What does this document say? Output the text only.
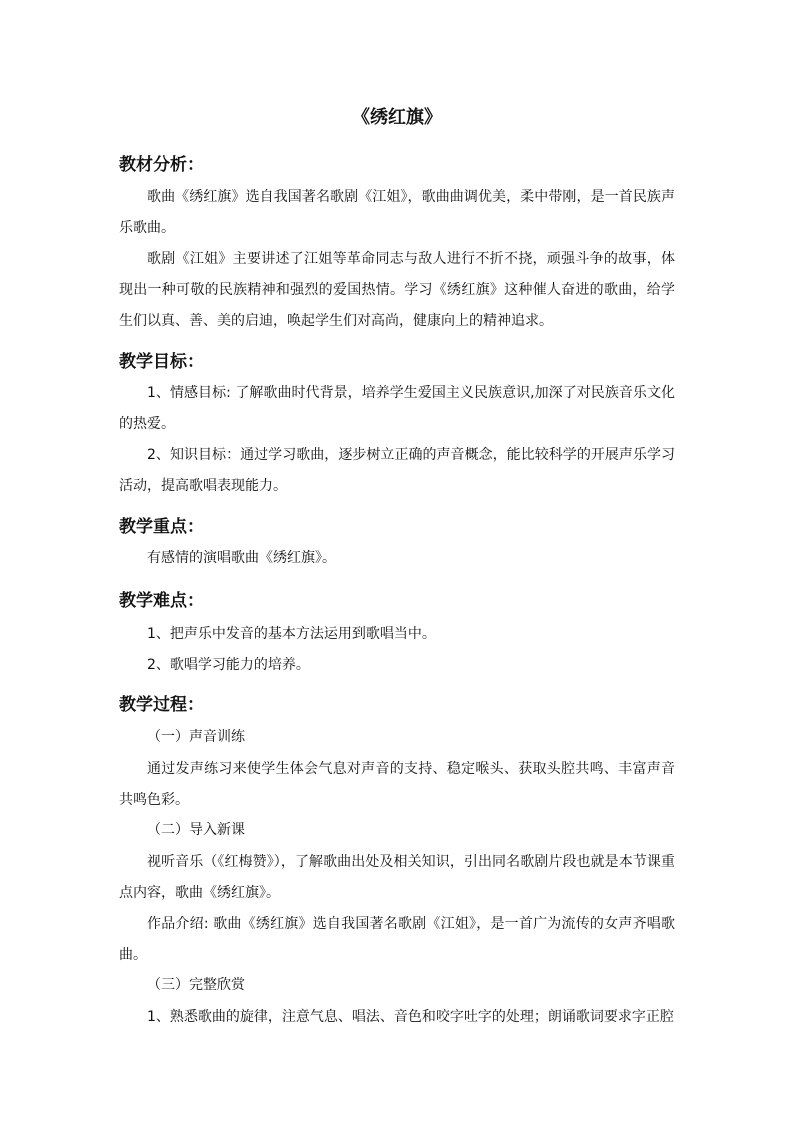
《绣红旗》
教材分析：
歌曲《绣红旗》选自我国著名歌剧《江姐》，歌曲曲调优美，柔中带刚，是一首民族声乐歌曲。
歌剧《江姐》主要讲述了江姐等革命同志与敌人进行不折不挠，顽强斗争的故事，体现出一种可敬的民族精神和强烈的爱国热情。学习《绣红旗》这种催人奋进的歌曲，给学生们以真、善、美的启迪，唤起学生们对高尚，健康向上的精神追求。
教学目标：
1、情感目标: 了解歌曲时代背景，培养学生爱国主义民族意识,加深了对民族音乐文化的热爱。
2、知识目标：通过学习歌曲，逐步树立正确的声音概念，能比较科学的开展声乐学习活动，提高歌唱表现能力。
教学重点：
有感情的演唱歌曲《绣红旗》。
教学难点：
1、把声乐中发音的基本方法运用到歌唱当中。
2、歌唱学习能力的培养。
教学过程：
（一）声音训练
通过发声练习来使学生体会气息对声音的支持、稳定喉头、获取头腔共鸣、丰富声音共鸣色彩。
（二）导入新课
视听音乐（《红梅赞》），了解歌曲出处及相关知识，引出同名歌剧片段也就是本节课重点内容，歌曲《绣红旗》。
作品介绍: 歌曲《绣红旗》选自我国著名歌剧《江姐》，是一首广为流传的女声齐唱歌曲。
（三）完整欣赏
1、熟悉歌曲的旋律，注意气息、唱法、音色和咬字吐字的处理；朗诵歌词要求字正腔
